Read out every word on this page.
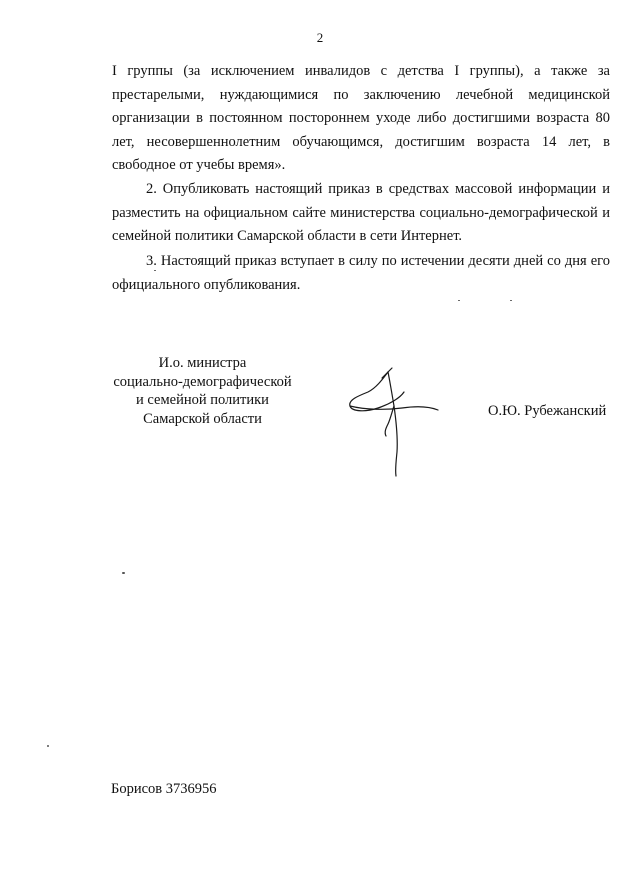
2

I группы (за исключением инвалидов с детства I группы), а также за престарелыми, нуждающимися по заключению лечебной медицинской организации в постоянном постороннем уходе либо достигшими возраста 80 лет, несовершеннолетним обучающимся, достигшим возраста 14 лет, в свободное от учебы время».

2. Опубликовать настоящий приказ в средствах массовой информации и разместить на официальном сайте министерства социально-демографической и семейной политики Самарской области в сети Интернет.

3. Настоящий приказ вступает в силу по истечении десяти дней со дня его официального опубликования.

И.о. министра
социально-демографической
и семейной политики
Самарской области	О.Ю. Рубежанский
Борисов 3736956
